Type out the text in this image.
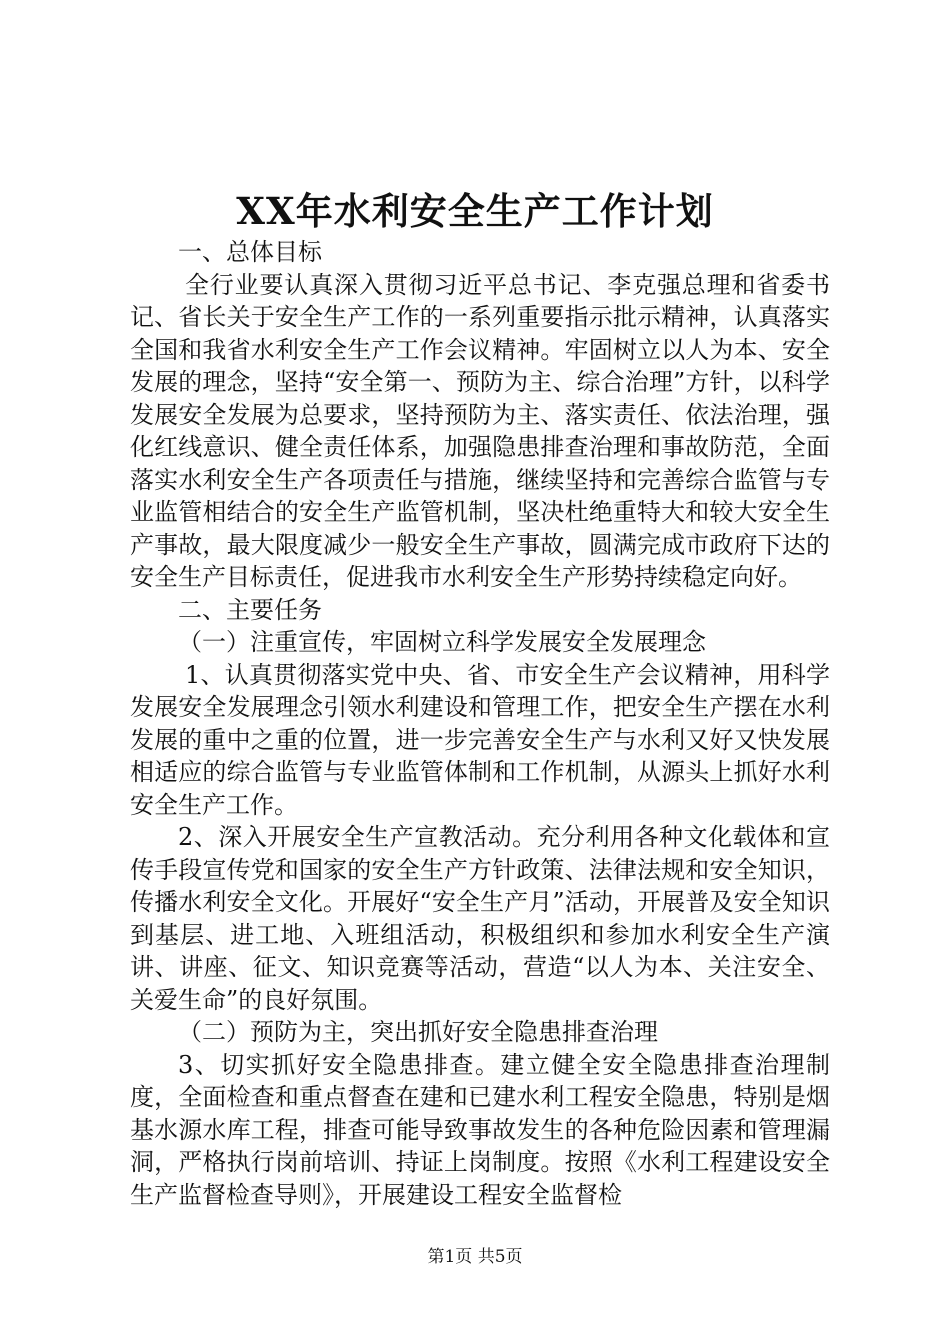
XX年水利安全生产工作计划

一、总体目标

全行业要认真深入贯彻习近平总书记、李克强总理和省委书记、省长关于安全生产工作的一系列重要指示批示精神，认真落实全国和我省水利安全生产工作会议精神。牢固树立以人为本、安全发展的理念，坚持“安全第一、预防为主、综合治理”方针，以科学发展安全发展为总要求，坚持预防为主、落实责任、依法治理，强化红线意识、健全责任体系，加强隐患排查治理和事故防范，全面落实水利安全生产各项责任与措施，继续坚持和完善综合监管与专业监管相结合的安全生产监管机制，坚决杜绝重特大和较大安全生产事故，最大限度减少一般安全生产事故，圆满完成市政府下达的安全生产目标责任，促进我市水利安全生产形势持续稳定向好。

二、主要任务

（一）注重宣传，牢固树立科学发展安全发展理念

1、认真贯彻落实党中央、省、市安全生产会议精神，用科学发展安全发展理念引领水利建设和管理工作，把安全生产摆在水利发展的重中之重的位置，进一步完善安全生产与水利又好又快发展相适应的综合监管与专业监管体制和工作机制，从源头上抓好水利安全生产工作。

2、深入开展安全生产宣教活动。充分利用各种文化载体和宣传手段宣传党和国家的安全生产方针政策、法律法规和安全知识，传播水利安全文化。开展好“安全生产月”活动，开展普及安全知识到基层、进工地、入班组活动，积极组织和参加水利安全生产演讲、讲座、征文、知识竞赛等活动，营造“以人为本、关注安全、关爱生命”的良好氛围。

（二）预防为主，突出抓好安全隐患排查治理

3、切实抓好安全隐患排查。建立健全安全隐患排查治理制度，全面检查和重点督查在建和已建水利工程安全隐患，特别是烟基水源水库工程，排查可能导致事故发生的各种危险因素和管理漏洞，严格执行岗前培训、持证上岗制度。按照《水利工程建设安全生产监督检查导则》，开展建设工程安全监督检

第1页 共5页
